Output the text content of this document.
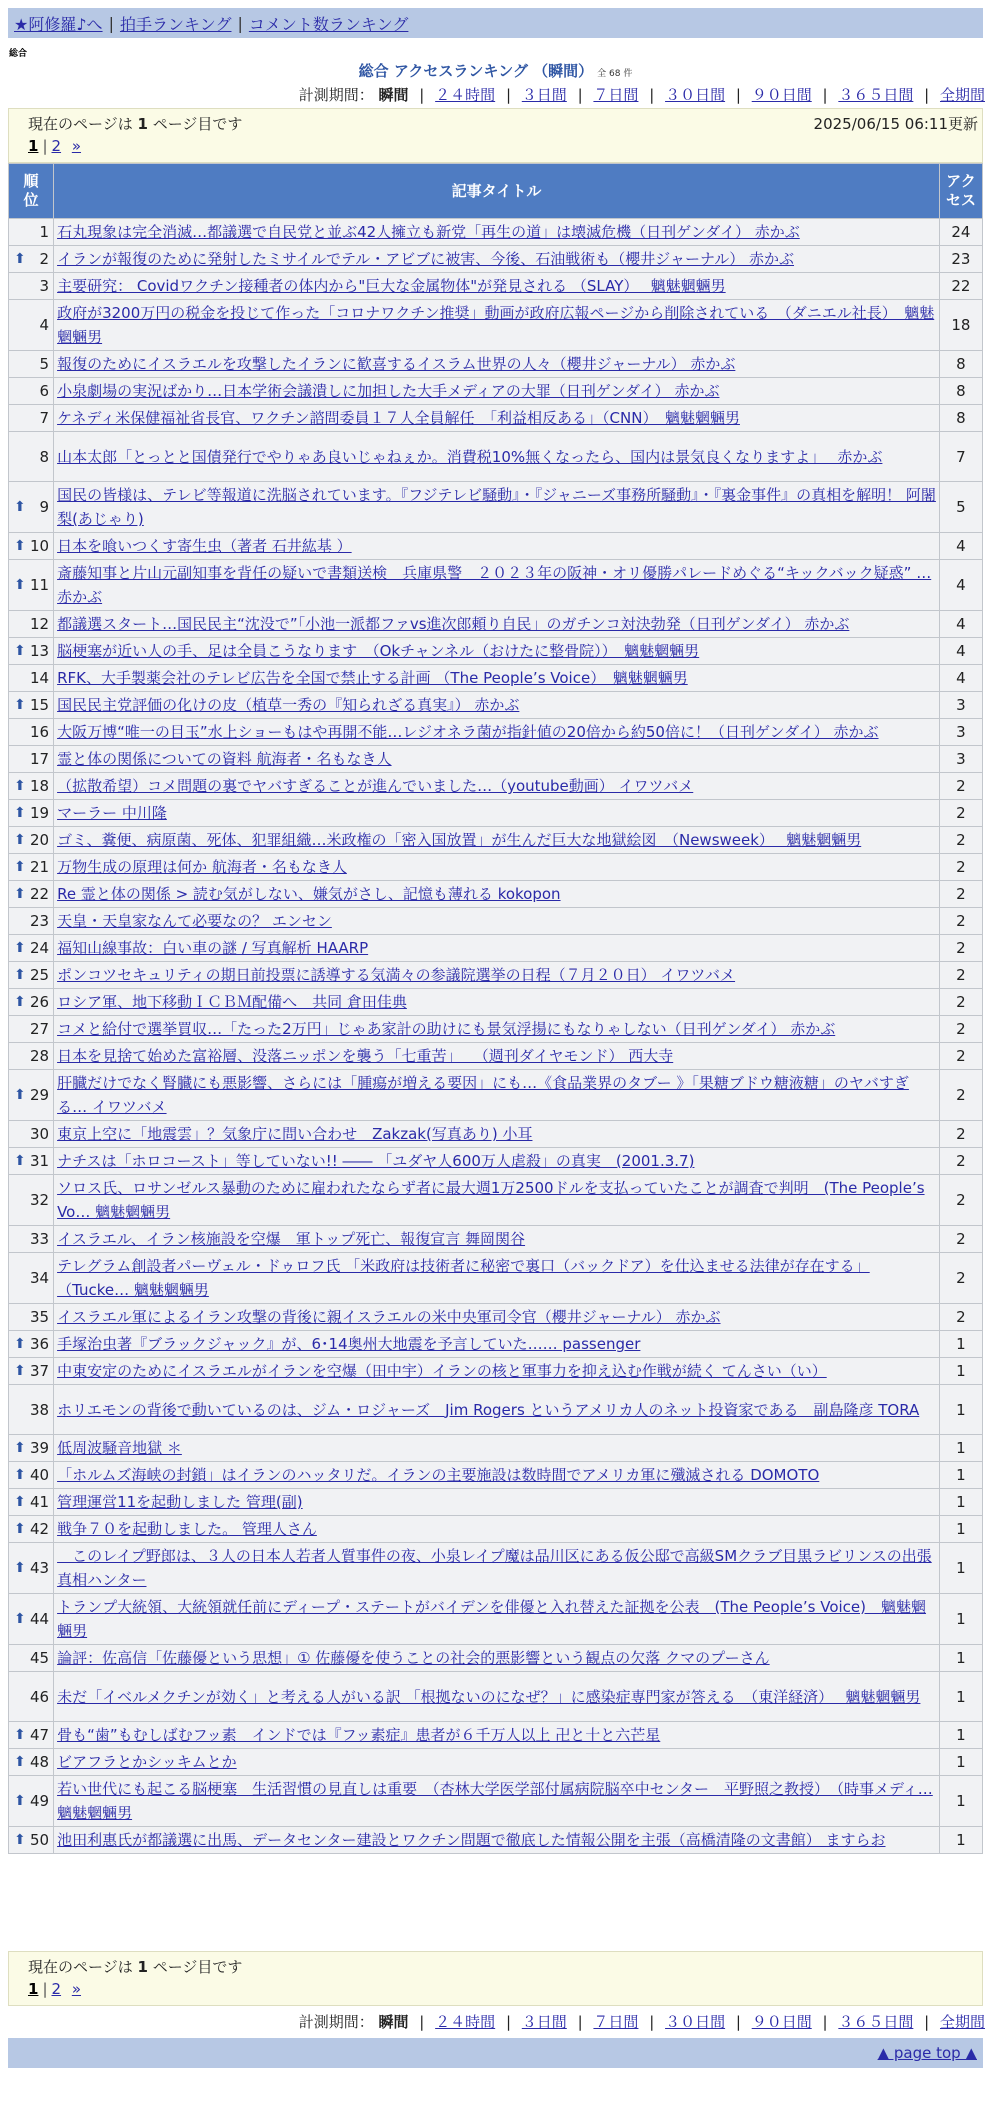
★阿修羅♪へ | 拍手ランキング | コメント数ランキング
総合
総合 アクセスランキング （瞬間） 全 68 件
計測期間： 瞬間 | ２４時間 | ３日間 | ７日間 | ３０日間 | ９０日間 | ３６５日間 | 全期間
現在のページは 1 ページ目です
1 | 2 »
2025/06/15 06:11更新
順位	記事タイトル	アクセス
1	石丸現象は完全消滅…都議選で自民党と並ぶ42人擁立も新党「再生の道」は壊滅危機（日刊ゲンダイ） 赤かぶ	24

⬆ 2	イランが報復のために発射したミサイルでテル・アビブに被害、今後、石油戦術も（櫻井ジャーナル） 赤かぶ	23
3	主要研究： Covidワクチン接種者の体内から"巨大な金属物体"が発見される （SLAY）　 魑魅魍魎男	22
4	政府が3200万円の税金を投じて作った「コロナワクチン推奨」動画が政府広報ページから削除されている　（ダニエル社長）　魑魅魍魎男	18
5	報復のためにイスラエルを攻撃したイランに歓喜するイスラム世界の人々（櫻井ジャーナル） 赤かぶ	8
6	小泉劇場の実況ばかり…日本学術会議潰しに加担した大手メディアの大罪（日刊ゲンダイ） 赤かぶ	8
7	ケネディ米保健福祉省長官、ワクチン諮問委員１７人全員解任　「利益相反ある」（CNN）　魑魅魍魎男	8
8	山本太郎「とっとと国債発行でやりゃあ良いじゃねぇか。消費税10%無くなったら、国内は景気良くなりますよ」　 赤かぶ	7

⬆ 9	国民の皆様は、テレビ等報道に洗脳されています。『フジテレビ騒動』・『ジャニーズ事務所騒動』・『裏金事件』の真相を解明！ 阿闍梨(あじゃり)	5

⬆ 10	日本を喰いつくす寄生虫（著者 石井紘基 ）	4

⬆ 11	斎藤知事と片山元副知事を背任の疑いで書類送検　兵庫県警　２０２３年の阪神・オリ優勝パレードめぐる“キックバック疑惑” … 赤かぶ	4
12	都議選スタート…国民民主“沈没で”「小池一派都ファvs進次郎頼り自民」のガチンコ対決勃発（日刊ゲンダイ） 赤かぶ	4

⬆ 13	脳梗塞が近い人の手、足は全員こうなります　（Okチャンネル（おけたに整骨院））　魑魅魍魎男	4
14	RFK、大手製薬会社のテレビ広告を全国で禁止する計画 （The People’s Voice）　魑魅魍魎男	4

⬆ 15	国民民主党評価の化けの皮（植草一秀の『知られざる真実』） 赤かぶ	3
16	大阪万博“唯一の目玉”水上ショーもはや再開不能…レジオネラ菌が指針値の20倍から約50倍に！（日刊ゲンダイ） 赤かぶ	3
17	霊と体の関係についての資料 航海者・名もなき人	3

⬆ 18	（拡散希望）コメ問題の裏でヤバすぎることが進んでいました…（youtube動画） イワツバメ	2

⬆ 19	マーラー 中川隆	2

⬆ 20	ゴミ、糞便、病原菌、死体、犯罪組織…米政権の「密入国放置」が生んだ巨大な地獄絵図　（Newsweek）　 魑魅魍魎男	2

⬆ 21	万物生成の原理は何か 航海者・名もなき人	2

⬆ 22	Re 霊と体の関係 > 読む気がしない、嫌気がさし、記憶も薄れる kokopon	2
23	天皇・天皇家なんて必要なの？ エンセン	2

⬆ 24	福知山線事故：白い車の謎 / 写真解析 HAARP	2

⬆ 25	ポンコツセキュリティの期日前投票に誘導する気満々の参議院選挙の日程（７月２０日） イワツバメ	2

⬆ 26	ロシア軍、地下移動ＩＣＢＭ配備へ　共同 倉田佳典	2
27	コメと給付で選挙買収…「たった2万円」じゃあ家計の助けにも景気浮揚にもなりゃしない（日刊ゲンダイ） 赤かぶ	2
28	日本を見捨て始めた富裕層、没落ニッポンを襲う「七重苦」　 （週刊ダイヤモンド） 西大寺	2

⬆ 29	肝臓だけでなく腎臓にも悪影響、さらには「腫瘍が増える要因」にも…《食品業界のタブー 》「果糖ブドウ糖液糖」のヤバすぎる… イワツバメ	2
30	東京上空に「地震雲」？気象庁に問い合わせ　Zakzak(写真あり) 小耳	2

⬆ 31	ナチスは「ホロコースト」等していない!! ―― 「ユダヤ人600万人虐殺」の真実　(2001.3.7)	2
32	ソロス氏、ロサンゼルス暴動のために雇われたならず者に最大週1万2500ドルを支払っていたことが調査で判明　(The People’s Vo… 魑魅魍魎男	2
33	イスラエル、イラン核施設を空爆　軍トップ死亡、報復宣言 舞岡関谷	2
34	テレグラム創設者パーヴェル・ドゥロフ氏 「米政府は技術者に秘密で裏口（バックドア）を仕込ませる法律が存在する」 （Tucke… 魑魅魍魎男	2
35	イスラエル軍によるイラン攻撃の背後に親イスラエルの米中央軍司令官（櫻井ジャーナル） 赤かぶ	2

⬆ 36	手塚治虫著『ブラックジャック』が、6･14奥州大地震を予言していた…… passenger	1

⬆ 37	中東安定のためにイスラエルがイランを空爆（田中宇）イランの核と軍事力を抑え込む作戦が続く てんさい（い）	1
38	ホリエモンの背後で動いているのは、ジム・ロジャーズ　Jim Rogers というアメリカ人のネット投資家である　副島隆彦 TORA	1

⬆ 39	低周波騒音地獄 ＊	1

⬆ 40	「ホルムズ海峡の封鎖」はイランのハッタリだ。イランの主要施設は数時間でアメリカ軍に殲滅される DOMOTO	1

⬆ 41	管理運営11を起動しました 管理(副)	1

⬆ 42	戦争７０を起動しました。 管理人さん	1

⬆ 43	　このレイプ野郎は、３人の日本人若者人質事件の夜、小泉レイプ魔は品川区にある仮公邸で高級SMクラブ目黒ラビリンスの出張 真相ハンター	1

⬆ 44	トランプ大統領、大統領就任前にディープ・ステートがバイデンを俳優と入れ替えた証拠を公表　(The People’s Voice)　魑魅魍魎男	1
45	論評：佐高信「佐藤優という思想」① 佐藤優を使うことの社会的悪影響という観点の欠落 クマのプーさん	1
46	未だ「イベルメクチンが効く」と考える人がいる訳 「根拠ないのになぜ？」に感染症専門家が答える　（東洋経済）　 魑魅魍魎男	1

⬆ 47	骨も“歯”もむしばむフッ素　インドでは『フッ素症』患者が６千万人以上 卍と十と六芒星	1

⬆ 48	ビアフラとかシッキムとか	1

⬆ 49	若い世代にも起こる脳梗塞　生活習慣の見直しは重要　（杏林大学医学部付属病院脳卒中センター　平野照之教授）　（時事メディ… 魑魅魍魎男	1

⬆ 50	池田利惠氏が都議選に出馬、データセンター建設とワクチン問題で徹底した情報公開を主張（高橋清隆の文書館） ますらお	1
現在のページは 1 ページ目です
1 | 2 »
計測期間： 瞬間 | ２４時間 | ３日間 | ７日間 | ３０日間 | ９０日間 | ３６５日間 | 全期間
▲ page top ▲
